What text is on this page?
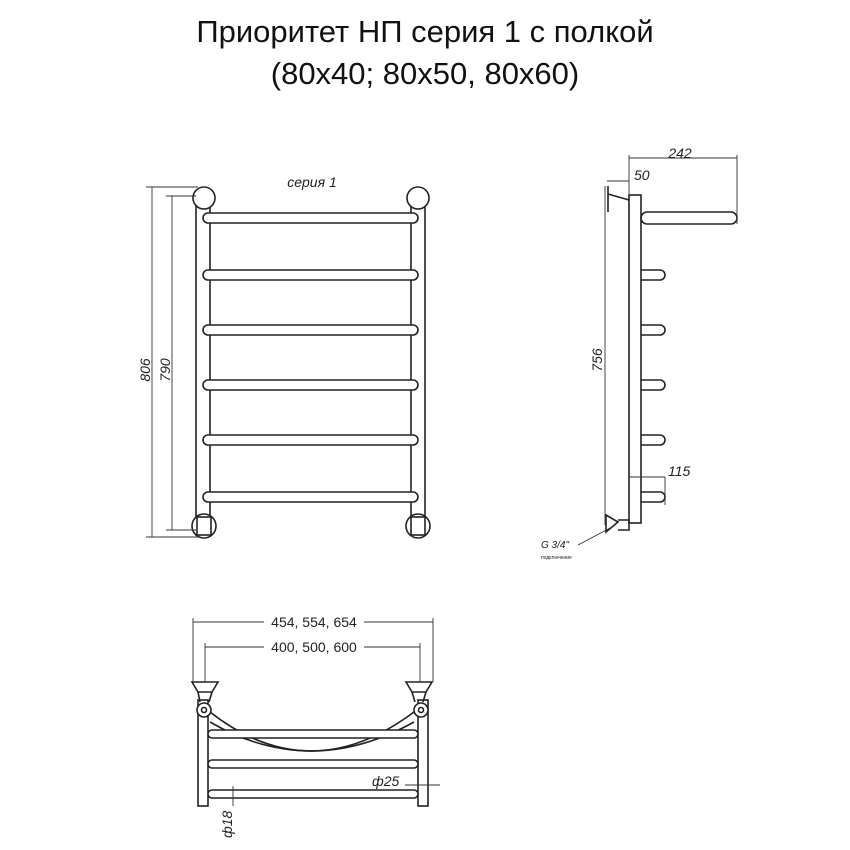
Приоритет НП серия 1 с полкой
(80x40; 80x50, 80x60)
806 790
серия 1
242
50
756
115
G 3/4"
подключение
454, 554, 654
400, 500, 600
ф25
ф18
